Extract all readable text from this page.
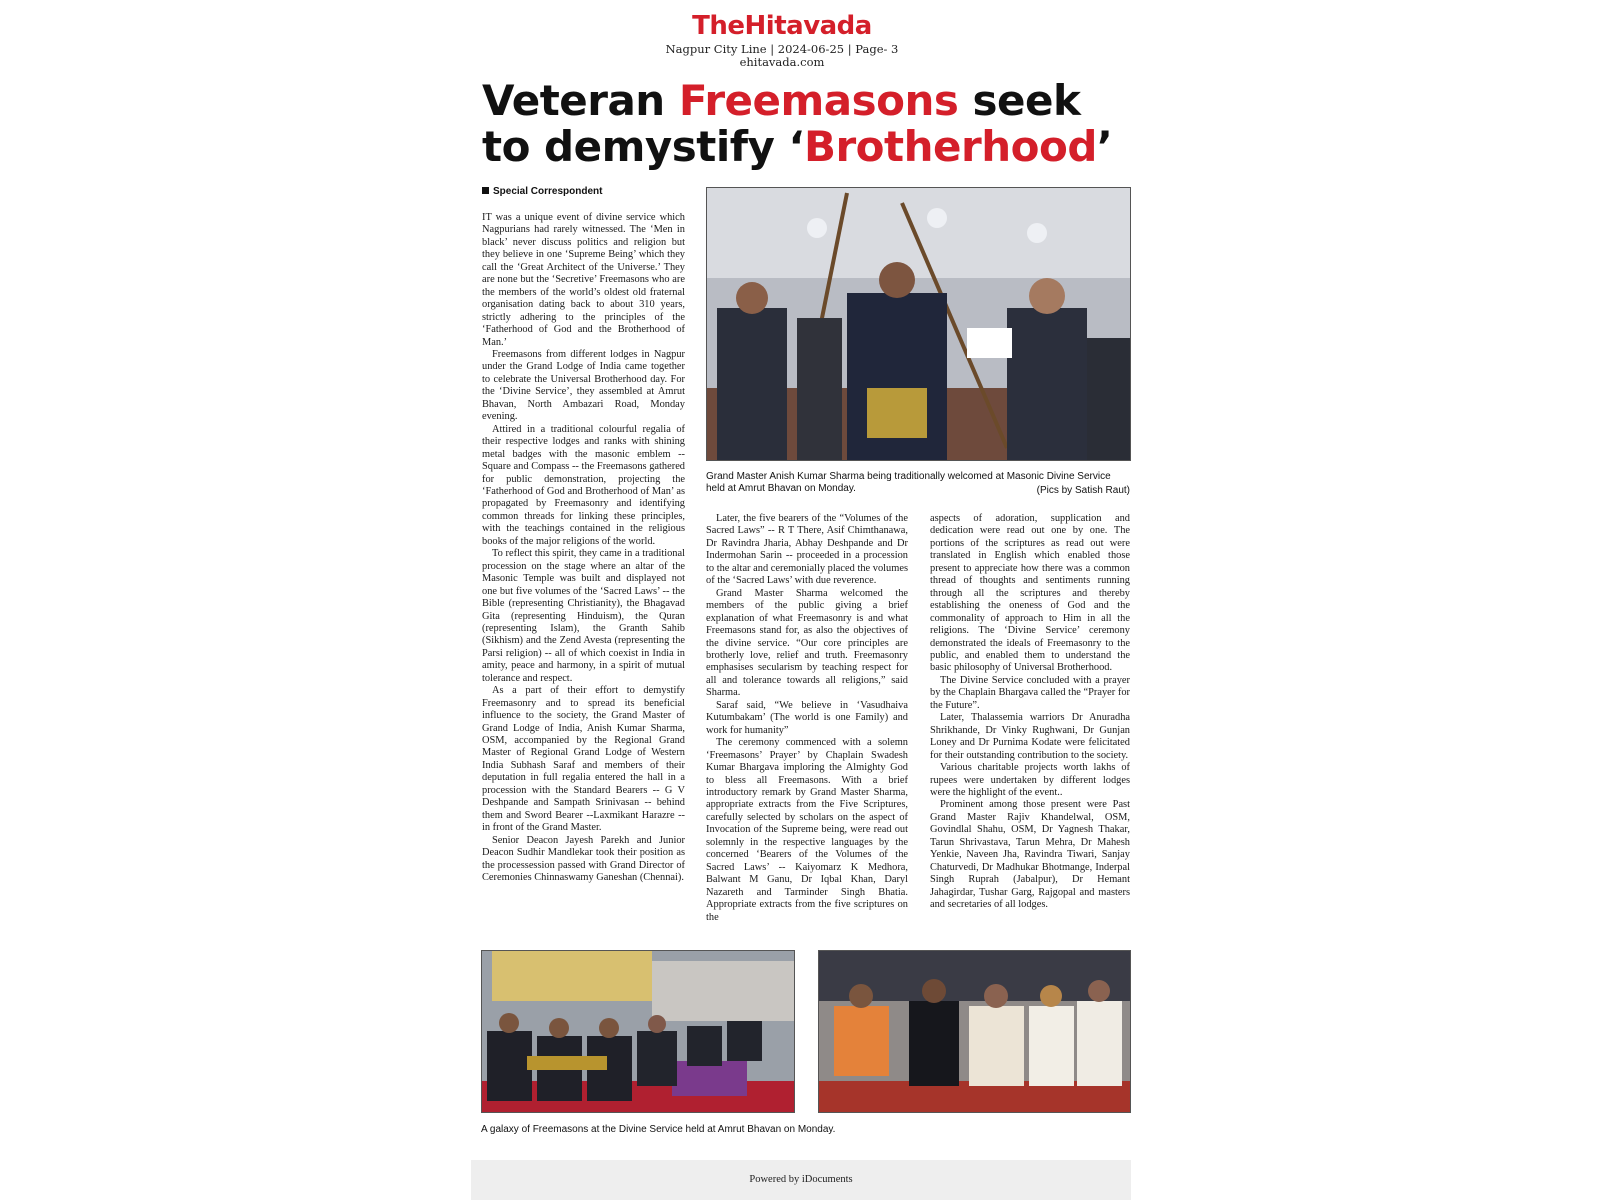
TheHitavada
Nagpur City Line | 2024-06-25 | Page- 3
ehitavada.com
Veteran Freemasons seek
to demystify ‘Brotherhood’
Special Correspondent

IT was a unique event of divine service which Nagpurians had rarely witnessed. The ‘Men in black’ never discuss politics and religion but they believe in one ‘Supreme Being’ which they call the ‘Great Architect of the Universe.’ They are none but the ‘Secretive’ Freemasons who are the members of the world’s oldest old fraternal organisation dating back to about 310 years, strictly adhering to the principles of the ‘Fatherhood of God and the Brotherhood of Man.’

Freemasons from different lodges in Nagpur under the Grand Lodge of India came together to celebrate the Universal Brotherhood day. For the ‘Divine Service’, they assembled at Amrut Bhavan, North Ambazari Road, Monday evening.

Attired in a traditional colourful regalia of their respective lodges and ranks with shining metal badges with the masonic emblem -- Square and Compass -- the Freemasons gathered for public demonstration, projecting the ‘Fatherhood of God and Brotherhood of Man’ as propagated by Freemasonry and identifying common threads for linking these principles, with the teachings contained in the religious books of the major religions of the world.

To reflect this spirit, they came in a traditional procession on the stage where an altar of the Masonic Temple was built and displayed not one but five volumes of the ‘Sacred Laws’ -- the Bible (representing Christianity), the Bhagavad Gita (representing Hinduism), the Quran (representing Islam), the Granth Sahib (Sikhism) and the Zend Avesta (representing the Parsi religion) -- all of which coexist in India in amity, peace and harmony, in a spirit of mutual tolerance and respect.

As a part of their effort to demystify Freemasonry and to spread its beneficial influence to the society, the Grand Master of Grand Lodge of India, Anish Kumar Sharma, OSM, accompanied by the Regional Grand Master of Regional Grand Lodge of Western India Subhash Saraf and members of their deputation in full regalia entered the hall in a procession with the Standard Bearers -- G V Deshpande and Sampath Srinivasan -- behind them and Sword Bearer --Laxmikant Harazre -- in front of the Grand Master.

Senior Deacon Jayesh Parekh and Junior Deacon Sudhir Mandlekar took their position as the processession passed with Grand Director of Ceremonies Chinnaswamy Ganeshan (Chennai).

Grand Master Anish Kumar Sharma being traditionally welcomed at Masonic Divine Service held at Amrut Bhavan on Monday.	(Pics by Satish Raut)

Later, the five bearers of the “Volumes of the Sacred Laws” -- R T There, Asif Chimthanawa, Dr Ravindra Jharia, Abhay Deshpande and Dr Indermohan Sarin -- proceeded in a procession to the altar and ceremonially placed the volumes of the ‘Sacred Laws’ with due reverence.

Grand Master Sharma welcomed the members of the public giving a brief explanation of what Freemasonry is and what Freemasons stand for, as also the objectives of the divine service. “Our core principles are brotherly love, relief and truth. Freemasonry emphasises secularism by teaching respect for all and tolerance towards all religions,” said Sharma.

Saraf said, “We believe in ‘Vasudhaiva Kutumbakam’ (The world is one Family) and work for humanity”

The ceremony commenced with a solemn ‘Freemasons’ Prayer’ by Chaplain Swadesh Kumar Bhargava imploring the Almighty God to bless all Freemasons. With a brief introductory remark by Grand Master Sharma, appropriate extracts from the Five Scriptures, carefully selected by scholars on the aspect of Invocation of the Supreme being, were read out solemnly in the respective languages by the concerned ‘Bearers of the Volumes of the Sacred Laws’ -- Kaiyomarz K Medhora, Balwant M Ganu, Dr Iqbal Khan, Daryl Nazareth and Tarminder Singh Bhatia. Appropriate extracts from the five scriptures on the

aspects of adoration, supplication and dedication were read out one by one. The portions of the scriptures as read out were translated in English which enabled those present to appreciate how there was a common thread of thoughts and sentiments running through all the scriptures and thereby establishing the oneness of God and the commonality of approach to Him in all the religions. The ‘Divine Service’ ceremony demonstrated the ideals of Freemasonry to the public, and enabled them to understand the basic philosophy of Universal Brotherhood.

The Divine Service concluded with a prayer by the Chaplain Bhargava called the “Prayer for the Future”.

Later, Thalassemia warriors Dr Anuradha Shrikhande, Dr Vinky Rughwani, Dr Gunjan Loney and Dr Purnima Kodate were felicitated for their outstanding contribution to the society.

Various charitable projects worth lakhs of rupees were undertaken by different lodges were the highlight of the event..

Prominent among those present were Past Grand Master Rajiv Khandelwal, OSM, Govindlal Shahu, OSM, Dr Yagnesh Thakar, Tarun Shrivastava, Tarun Mehra, Dr Mahesh Yenkie, Naveen Jha, Ravindra Tiwari, Sanjay Chaturvedi, Dr Madhukar Bhotmange, Inderpal Singh Ruprah (Jabalpur), Dr Hemant Jahagirdar, Tushar Garg, Rajgopal and masters and secretaries of all lodges.

A galaxy of Freemasons at the Divine Service held at Amrut Bhavan on Monday.
Powered by iDocuments
